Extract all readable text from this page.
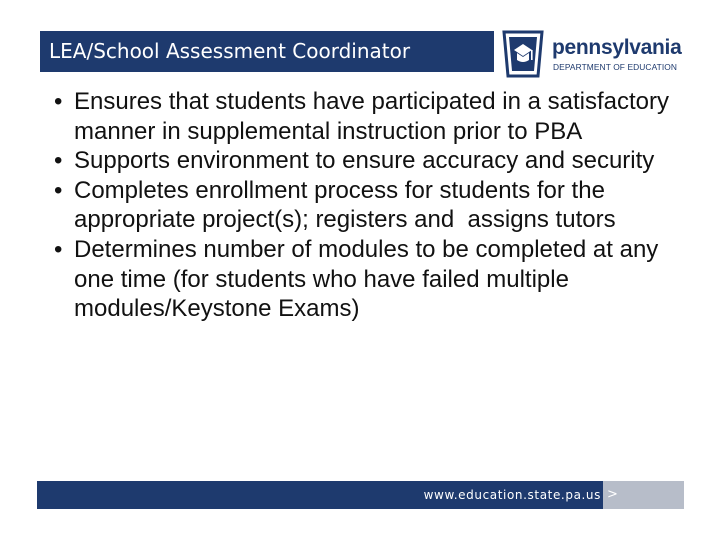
LEA/School Assessment Coordinator	pennsylvania
DEPARTMENT OF EDUCATION
• Ensures that students have participated in a satisfactory manner in supplemental instruction prior to PBA
• Supports environment to ensure accuracy and security
• Completes enrollment process for students for the appropriate project(s); registers and  assigns tutors
• Determines number of modules to be completed at any one time (for students who have failed multiple modules/Keystone Exams)
www.education.state.pa.us >
